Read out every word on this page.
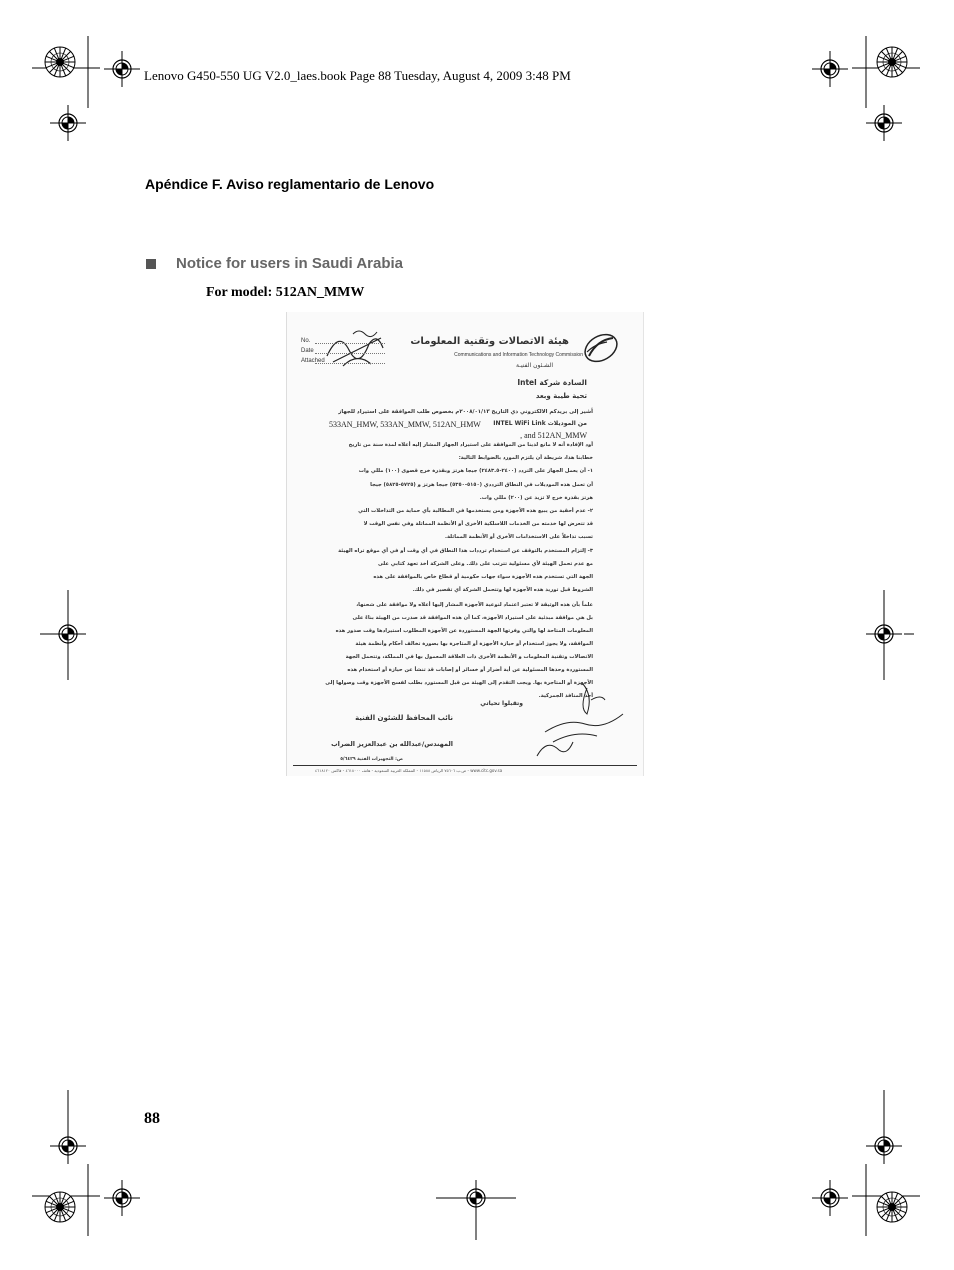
Lenovo G450-550 UG V2.0_laes.book Page 88 Tuesday, August 4, 2009 3:48 PM
Apéndice F. Aviso reglamentario de Lenovo
Notice for users in Saudi Arabia
For model: 512AN_MMW
هيئة الاتصالات وتقنية المعلومات
Communications and Information Technology Commission
الشـئون الفنيـة
No.
Date
Attached
السادة شركة Intel
تحية طيبة وبعد
أشير إلى بريدكم الالكتروني ذي التاريخ ٢٠٠٨/٠١/١٣م بخصوص طلب الموافقة على استيراد للجهاز
533AN_HMW, 533AN_MMW, 512AN_HMW من الموديلات INTEL WiFi Link
, and 512AN_MMW
أود الإفادة أنه لا مانع لدينا من الموافقة على استيراد الجهاز المشار إليه أعلاه لمدة سنة من تاريخ
خطابنا هذا، شريطة أن يلتزم المورد بالضوابط التالية:
١- أن يعمل الجهاز على التردد (٢٤٠٠-٢٤٨٣.٥) جيجا هرتز وبقدرة خرج قصوى (١٠٠) مللي وات
أن تعمل هذه الموديلات في النطاق الترددي (٥١٥٠-٥٣٥٠) جيجا هرتز و (٥٧٢٥-٥٨٢٥) جيجا
هرتز بقدرة خرج لا تزيد عن (٢٠٠) مللي وات.
٢- عدم أحقية من يبيع هذه الأجهزة ومن يستخدمها في المطالبة بأي حماية من التداخلات التي
قد تتعرض لها خدمته من الخدمات اللاسلكية الأخرى أو الأنظمة المماثلة وفي نفس الوقت لا
تسبب تداخلاً على الاستخدامات الأخرى أو الأنظمة المماثلة.
٣- إلتزام المستخدم بالتوقف عن استخدام ترددات هذا النطاق في أي وقت أو في أي موقع تراه الهيئة
مع عدم تحمل الهيئة لأي مسئولية تترتب على ذلك. وعلى الشركة أخذ تعهد كتابي على
الجهة التي تستخدم هذه الأجهزة سواء جهات حكومية أو قطاع خاص بالموافقة على هذه
الشروط قبل توريد هذه الأجهزة لها وتتحمل الشركة أي تقصير في ذلك.
علماً بأن هذه الوثيقة لا تعتبر اعتماد لنوعية الأجهزة المشار إليها أعلاه ولا موافقة على شحنها،
بل هي موافقة مبدئية على استيراد الأجهزة، كما أن هذه الموافقة قد صدرت من الهيئة بناءً على
المعلومات المتاحة لها والتي وفرتها الجهة المستوردة عن الأجهزة المطلوب استيرادها وقت صدور هذه
الموافقة، ولا يجوز استخدام أو حيازة الأجهزة أو المتاجرة بها بصورة تخالف أحكام وأنظمة هيئة
الاتصالات وتقنية المعلومات و الأنظمة الأخرى ذات العلاقة المعمول بها في المملكة، وتتحمل الجهة
المستوردة وحدها المسئولية عن أية أضرار أو خسائر أو إصابات قد تنشأ عن حيازة أو استخدام هذه
الأجهزة أو المتاجرة بها. ويجب التقدم إلى الهيئة من قبل المستورد بطلب لفسح الأجهزة وقت وصولها إلى
أحد المنافذ الجمركية.
وتقبلوا تحياتي
نائب المحافظ للشئون الفنية
المهندس/عبدالله بن عبدالعزيز الضراب
ص: التجهيزات الفنية ٥/٦٤٢٩
ص.ب ٧٥٦٠٦ الرياض ١١٥٨٨ - المملكة العربية السعودية - هاتف ٤٦١٨٠٠٠ - فاكس ٤٦١٨١٢٠ - www.citc.gov.sa
88
